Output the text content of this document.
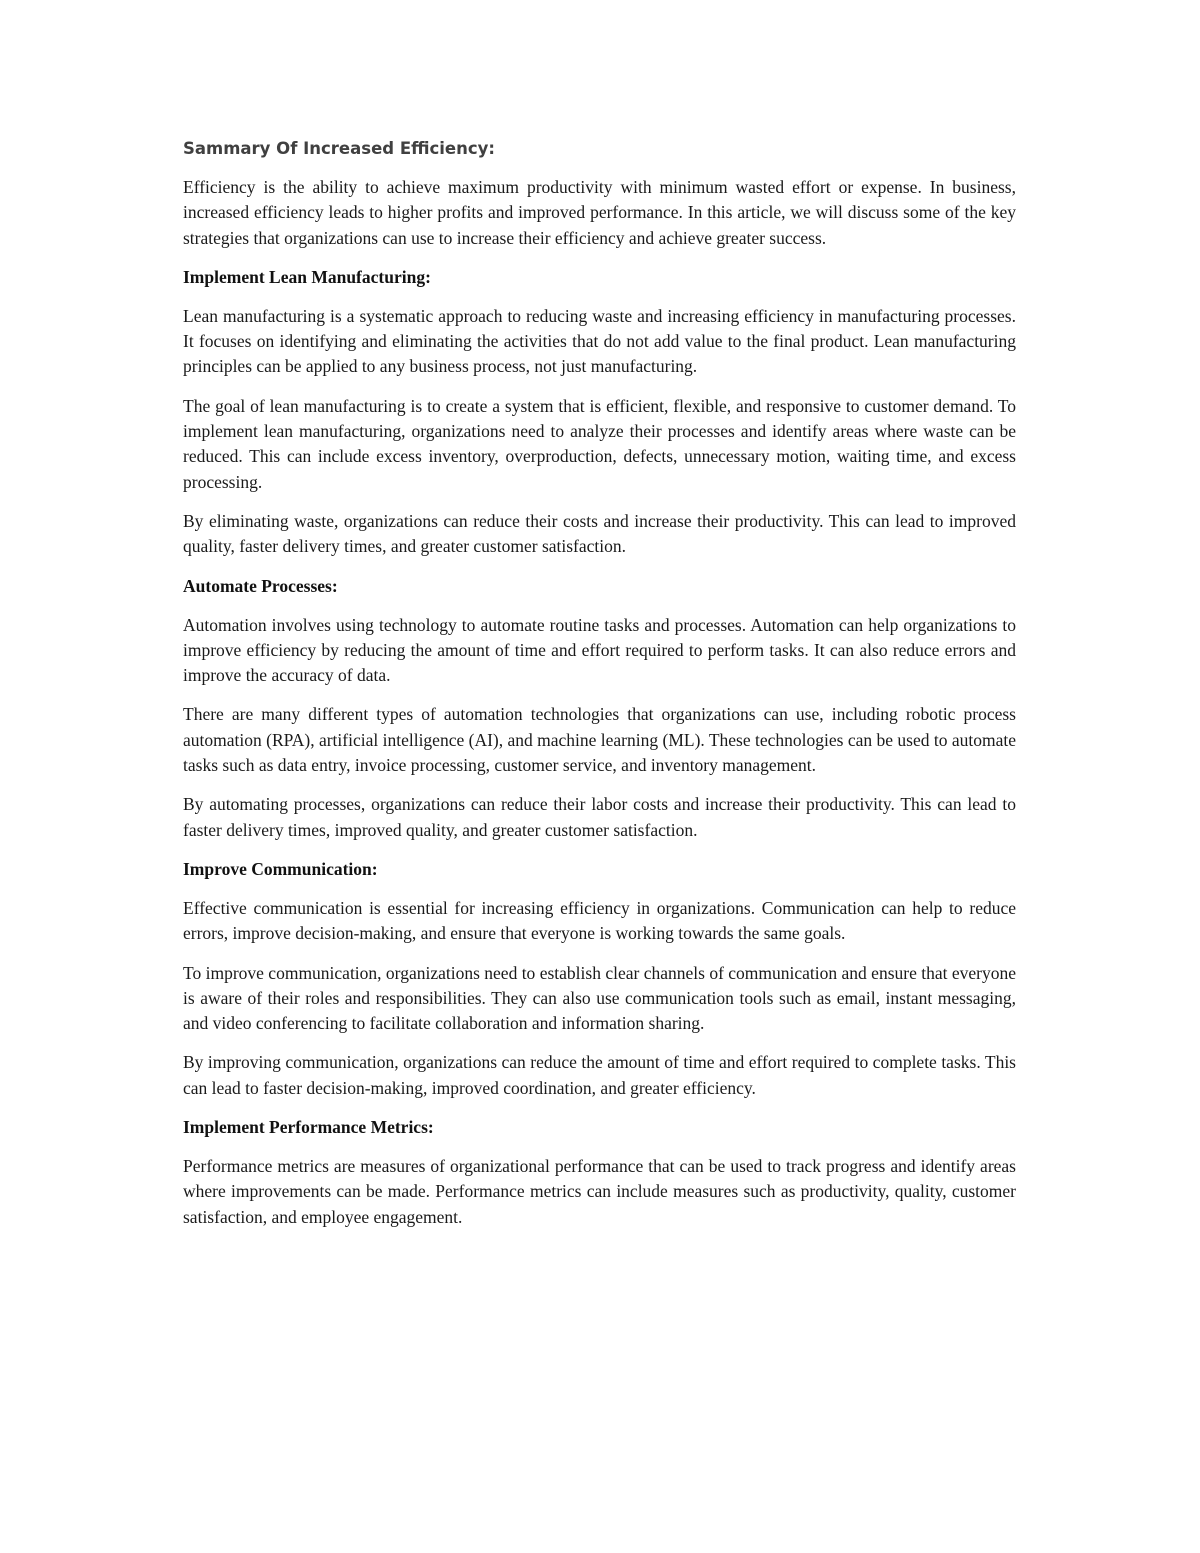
Sammary Of Increased Efficiency:

Efficiency is the ability to achieve maximum productivity with minimum wasted effort or expense. In business, increased efficiency leads to higher profits and improved performance. In this article, we will discuss some of the key strategies that organizations can use to increase their efficiency and achieve greater success.

Implement Lean Manufacturing:

Lean manufacturing is a systematic approach to reducing waste and increasing efficiency in manufacturing processes. It focuses on identifying and eliminating the activities that do not add value to the final product. Lean manufacturing principles can be applied to any business process, not just manufacturing.

The goal of lean manufacturing is to create a system that is efficient, flexible, and responsive to customer demand. To implement lean manufacturing, organizations need to analyze their processes and identify areas where waste can be reduced. This can include excess inventory, overproduction, defects, unnecessary motion, waiting time, and excess processing.

By eliminating waste, organizations can reduce their costs and increase their productivity. This can lead to improved quality, faster delivery times, and greater customer satisfaction.

Automate Processes:

Automation involves using technology to automate routine tasks and processes. Automation can help organizations to improve efficiency by reducing the amount of time and effort required to perform tasks. It can also reduce errors and improve the accuracy of data.

There are many different types of automation technologies that organizations can use, including robotic process automation (RPA), artificial intelligence (AI), and machine learning (ML). These technologies can be used to automate tasks such as data entry, invoice processing, customer service, and inventory management.

By automating processes, organizations can reduce their labor costs and increase their productivity. This can lead to faster delivery times, improved quality, and greater customer satisfaction.

Improve Communication:

Effective communication is essential for increasing efficiency in organizations. Communication can help to reduce errors, improve decision-making, and ensure that everyone is working towards the same goals.

To improve communication, organizations need to establish clear channels of communication and ensure that everyone is aware of their roles and responsibilities. They can also use communication tools such as email, instant messaging, and video conferencing to facilitate collaboration and information sharing.

By improving communication, organizations can reduce the amount of time and effort required to complete tasks. This can lead to faster decision-making, improved coordination, and greater efficiency.

Implement Performance Metrics:

Performance metrics are measures of organizational performance that can be used to track progress and identify areas where improvements can be made. Performance metrics can include measures such as productivity, quality, customer satisfaction, and employee engagement.
